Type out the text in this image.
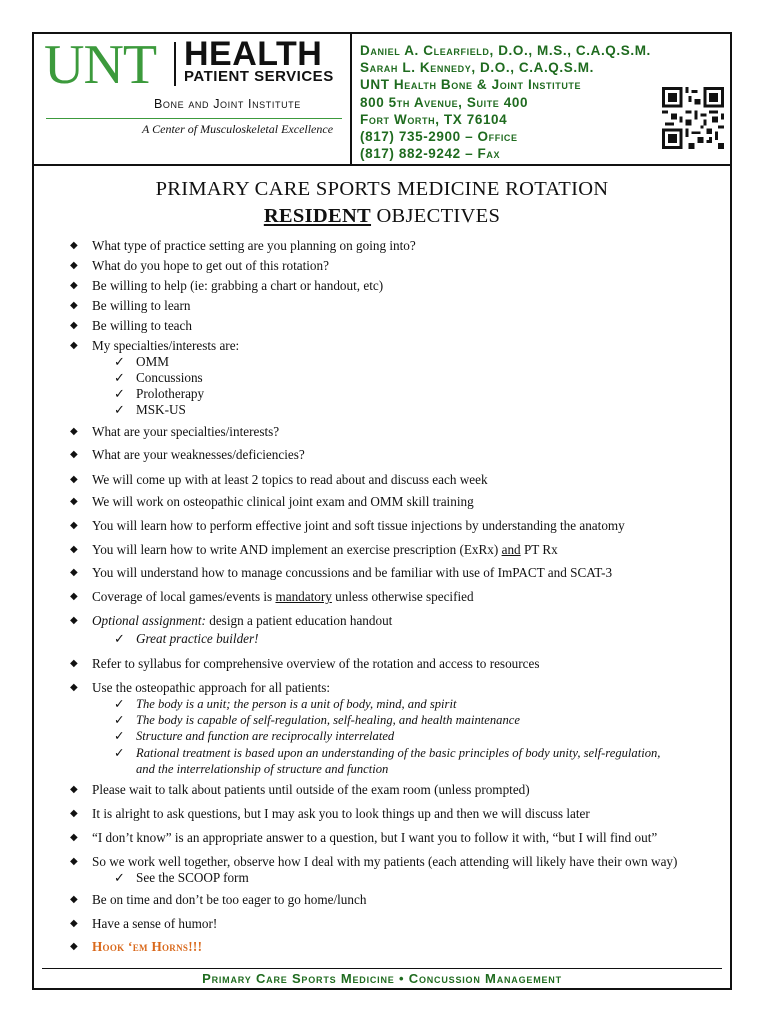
UNT HEALTH
PATIENT SERVICES
Bone and Joint Institute
A Center of Musculoskeletal Excellence
Daniel A. Clearfield, D.O., M.S., C.A.Q.S.M.
Sarah L. Kennedy, D.O., C.A.Q.S.M.
UNT Health Bone & Joint Institute
800 5th Avenue, Suite 400
Fort Worth, TX 76104
(817) 735-2900 – Office
(817) 882-9242 – Fax
PRIMARY CARE SPORTS MEDICINE ROTATION
RESIDENT OBJECTIVES
◆ What type of practice setting are you planning on going into?
◆ What do you hope to get out of this rotation?
◆ Be willing to help (ie: grabbing a chart or handout, etc)
◆ Be willing to learn
◆ Be willing to teach
◆ My specialties/interests are:
✓ OMM
✓ Concussions
✓ Prolotherapy
✓ MSK-US
◆ What are your specialties/interests?
◆ What are your weaknesses/deficiencies?
◆ We will come up with at least 2 topics to read about and discuss each week
◆ We will work on osteopathic clinical joint exam and OMM skill training
◆ You will learn how to perform effective joint and soft tissue injections by understanding the anatomy
◆ You will learn how to write AND implement an exercise prescription (ExRx) and PT Rx
◆ You will understand how to manage concussions and be familiar with use of ImPACT and SCAT-3
◆ Coverage of local games/events is mandatory unless otherwise specified
◆ Optional assignment: design a patient education handout
✓ Great practice builder!
◆ Refer to syllabus for comprehensive overview of the rotation and access to resources
◆ Use the osteopathic approach for all patients:
✓ The body is a unit; the person is a unit of body, mind, and spirit
✓ The body is capable of self-regulation, self-healing, and health maintenance
✓ Structure and function are reciprocally interrelated
✓ Rational treatment is based upon an understanding of the basic principles of body unity, self-regulation,
and the interrelationship of structure and function
◆ Please wait to talk about patients until outside of the exam room (unless prompted)
◆ It is alright to ask questions, but I may ask you to look things up and then we will discuss later
◆ “I don’t know” is an appropriate answer to a question, but I want you to follow it with, “but I will find out”
◆ So we work well together, observe how I deal with my patients (each attending will likely have their own way)
✓ See the SCOOP form
◆ Be on time and don’t be too eager to go home/lunch
◆ Have a sense of humor!
◆ Hook ‘em Horns!!!
Primary Care Sports Medicine • Concussion Management
